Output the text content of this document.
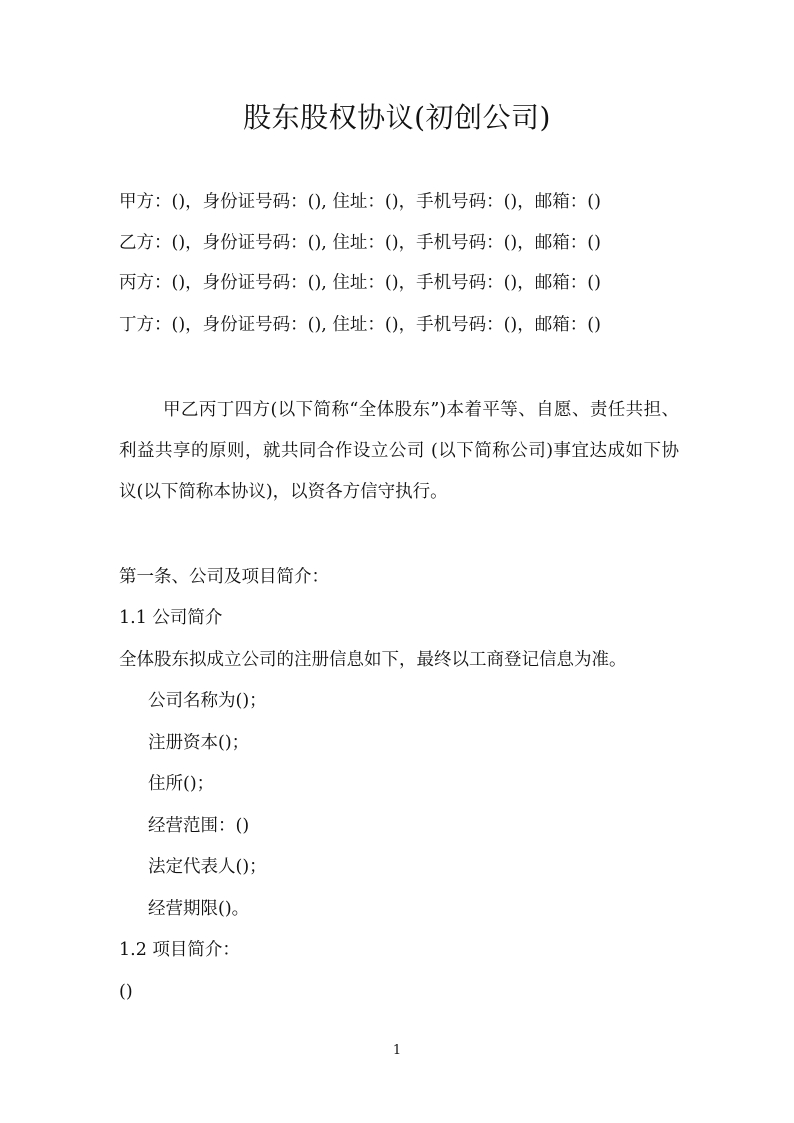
股东股权协议(初创公司)
甲方：()，身份证号码：(), 住址：()，手机号码：()，邮箱：()
乙方：()，身份证号码：(), 住址：()，手机号码：()，邮箱：()
丙方：()，身份证号码：(), 住址：()，手机号码：()，邮箱：()
丁方：()，身份证号码：(), 住址：()，手机号码：()，邮箱：()
甲乙丙丁四方(以下简称“全体股东”)本着平等、自愿、责任共担、利益共享的原则，就共同合作设立公司 (以下简称公司)事宜达成如下协议(以下简称本协议)，以资各方信守执行。
第一条、公司及项目简介：
1.1 公司简介
全体股东拟成立公司的注册信息如下，最终以工商登记信息为准。
公司名称为()；
注册资本()；
住所()；
经营范围：()
法定代表人()；
经营期限()。
1.2 项目简介：
()
1
